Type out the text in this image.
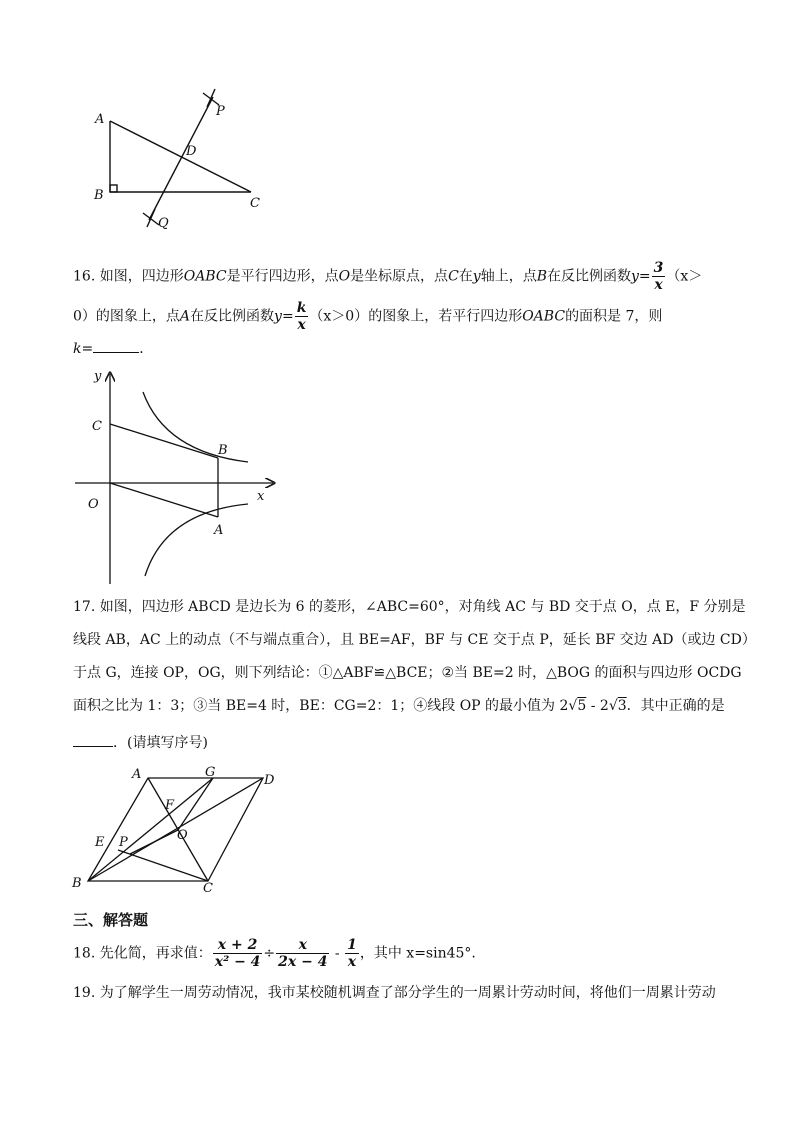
A
B
C
D
P
Q
16. 如图，四边形OABC是平行四边形，点O是坐标原点，点C在y轴上，点B在反比例函数$y= \frac{3}{x} (x>$
0）的图象上，点A在反比例函数$y= \frac{k}{x} (x>0)$的图象上，若平行四边形OABC的面积是 7，则
k=	．
y
x
O
C
B
A
17. 如图，四边形 ABCD 是边长为 6 的菱形，∠ABC=60°，对角线 AC 与 BD 交于点 O，点 E，F 分别是
线段 AB，AC 上的动点（不与端点重合），且 BE=AF，BF 与 CE 交于点 P，延长 BF 交边 AD（或边 CD）
于点 G，连接 OP，OG，则下列结论：①△ABF≌△BCE；②当 BE=2 时，△BOG 的面积与四边形 OCDG
面积之比为 1：3；③当 BE=4 时，BE：CG=2：1；④线段 OP 的最小值为 2√5 - 2√3．其中正确的是
．(请填写序号)
A	G
D
F
O
E P
B	C
三、解答题
18. 先化简，再求值： $\frac{x + 2}{\text{x² − 4}} \div \frac{x}{2x - 4} - \frac{1}{x}$ ，其中 x=sin45°.
19. 为了解学生一周劳动情况，我市某校随机调查了部分学生的一周累计劳动时间，将他们一周累计劳动
